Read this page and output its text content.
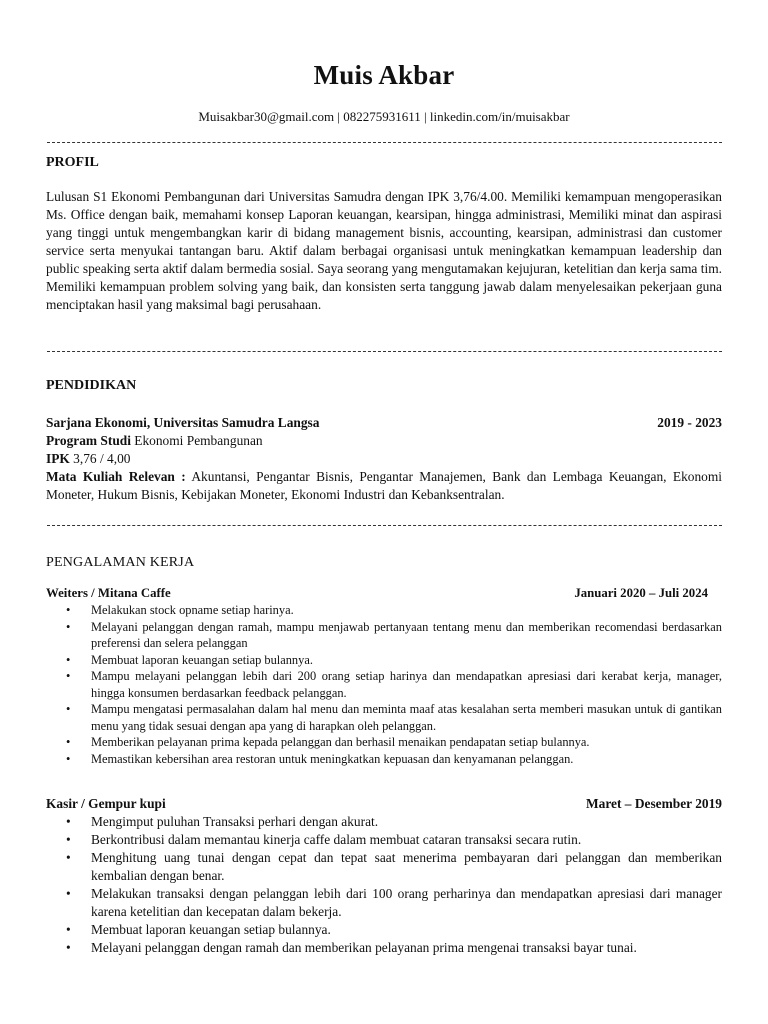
Muis Akbar
Muisakbar30@gmail.com | 082275931611 | linkedin.com/in/muisakbar
PROFIL
Lulusan S1 Ekonomi Pembangunan dari Universitas Samudra dengan IPK 3,76/4.00. Memiliki kemampuan mengoperasikan Ms. Office dengan baik, memahami konsep Laporan keuangan, kearsipan, hingga administrasi, Memiliki minat dan aspirasi yang tinggi untuk mengembangkan karir di bidang management bisnis, accounting, kearsipan, administrasi dan customer service serta menyukai tantangan baru. Aktif dalam berbagai organisasi untuk meningkatkan kemampuan leadership dan public speaking serta aktif dalam bermedia sosial. Saya seorang yang mengutamakan kejujuran, ketelitian dan kerja sama tim. Memiliki kemampuan problem solving yang baik, dan konsisten serta tanggung jawab dalam menyelesaikan pekerjaan guna menciptakan hasil yang maksimal bagi perusahaan.
PENDIDIKAN
Sarjana Ekonomi, Universitas Samudra Langsa	2019 - 2023
Program Studi Ekonomi Pembangunan
IPK 3,76 / 4,00
Mata Kuliah Relevan : Akuntansi, Pengantar Bisnis, Pengantar Manajemen, Bank dan Lembaga Keuangan, Ekonomi Moneter, Hukum Bisnis, Kebijakan Moneter, Ekonomi Industri dan Kebanksentralan.
PENGALAMAN KERJA
Weiters / Mitana Caffe	Januari 2020 – Juli 2024
• Melakukan stock opname setiap harinya.
• Melayani pelanggan dengan ramah, mampu menjawab pertanyaan tentang menu dan memberikan recomendasi berdasarkan preferensi dan selera pelanggan
• Membuat laporan keuangan setiap bulannya.
• Mampu melayani pelanggan lebih dari 200 orang setiap harinya dan mendapatkan apresiasi dari kerabat kerja, manager, hingga konsumen berdasarkan feedback pelanggan.
• Mampu mengatasi permasalahan dalam hal menu dan meminta maaf atas kesalahan serta memberi masukan untuk di gantikan menu yang tidak sesuai dengan apa yang di harapkan oleh pelanggan.
• Memberikan pelayanan prima kepada pelanggan dan berhasil menaikan pendapatan setiap bulannya.
• Memastikan kebersihan area restoran untuk meningkatkan kepuasan dan kenyamanan pelanggan.
Kasir / Gempur kupi	Maret – Desember 2019
• Mengimput puluhan Transaksi perhari dengan akurat.
• Berkontribusi dalam memantau kinerja caffe dalam membuat cataran transaksi secara rutin.
• Menghitung uang tunai dengan cepat dan tepat saat menerima pembayaran dari pelanggan dan memberikan kembalian dengan benar.
• Melakukan transaksi dengan pelanggan lebih dari 100 orang perharinya dan mendapatkan apresiasi dari manager karena ketelitian dan kecepatan dalam bekerja.
• Membuat laporan keuangan setiap bulannya.
• Melayani pelanggan dengan ramah dan memberikan pelayanan prima mengenai transaksi bayar tunai.
